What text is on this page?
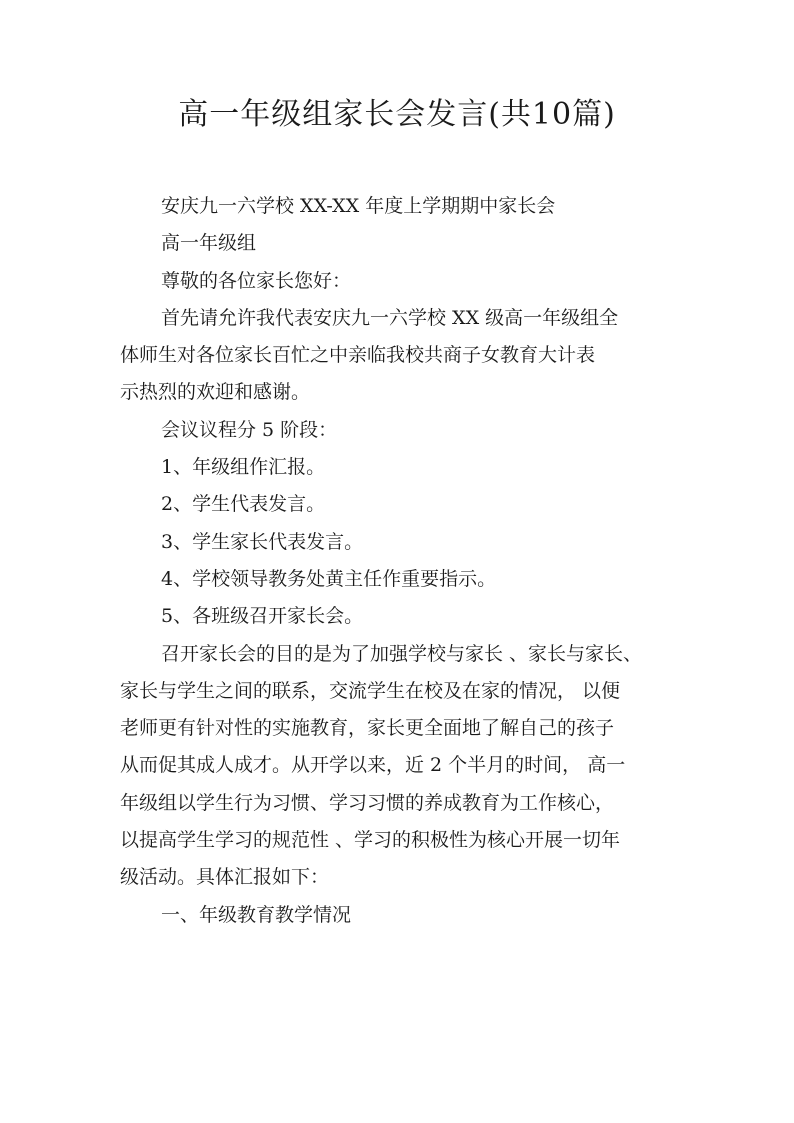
高一年级组家长会发言(共10篇)
安庆九一六学校 XX-XX 年度上学期期中家长会
高一年级组
尊敬的各位家长您好：
首先请允许我代表安庆九一六学校 XX 级高一年级组全
体师生对各位家长百忙之中亲临我校共商子女教育大计表
示热烈的欢迎和感谢。
会议议程分 5 阶段：
1、年级组作汇报。
2、学生代表发言。
3、学生家长代表发言。
4、学校领导教务处黄主任作重要指示。
5、各班级召开家长会。
召开家长会的目的是为了加强学校与家长 、家长与家长、
家长与学生之间的联系，交流学生在校及在家的情况， 以便
老师更有针对性的实施教育，家长更全面地了解自己的孩子
从而促其成人成才。从开学以来，近 2 个半月的时间， 高一
年级组以学生行为习惯、学习习惯的养成教育为工作核心，
以提高学生学习的规范性 、学习的积极性为核心开展一切年
级活动。具体汇报如下：
一、年级教育教学情况
